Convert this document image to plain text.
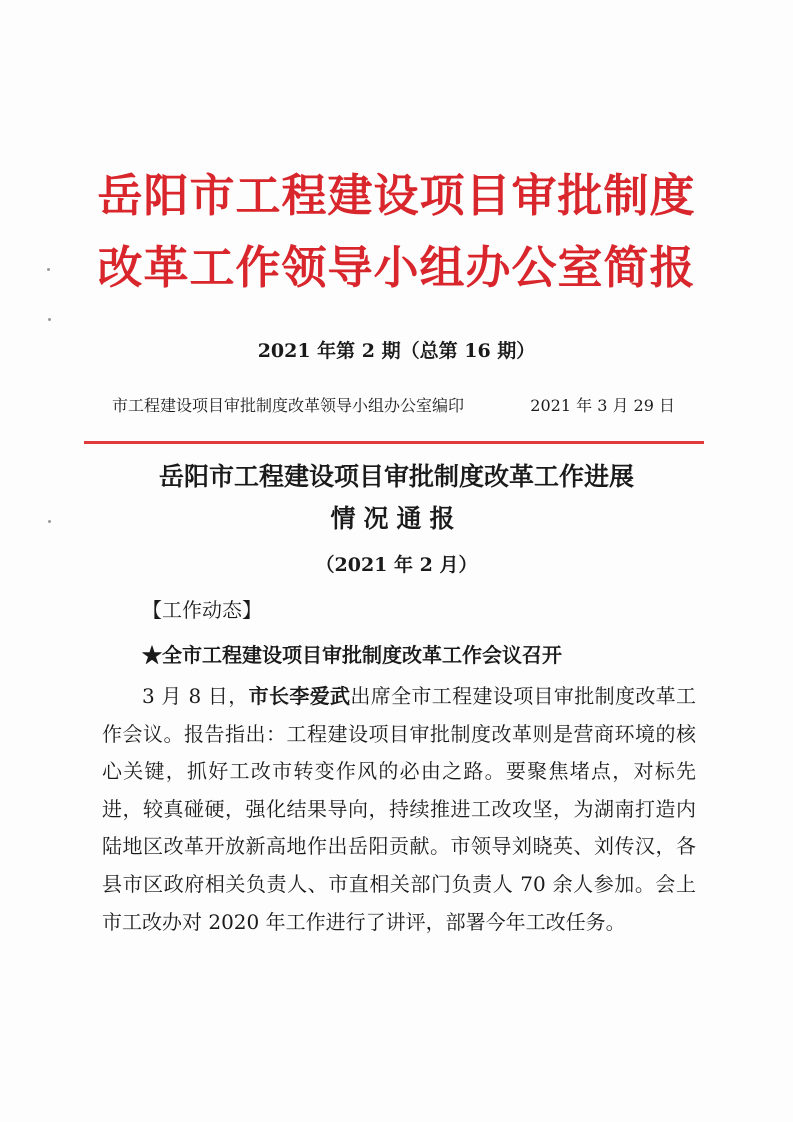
岳阳市工程建设项目审批制度
改革工作领导小组办公室简报
2021 年第 2 期（总第 16 期）
市工程建设项目审批制度改革领导小组办公室编印	2021 年 3 月 29 日
岳阳市工程建设项目审批制度改革工作进展
情况通报
（2021 年 2 月）
【工作动态】
★全市工程建设项目审批制度改革工作会议召开

3 月 8 日，市长李爱武出席全市工程建设项目审批制度改革工作会议。报告指出：工程建设项目审批制度改革则是营商环境的核心关键，抓好工改市转变作风的必由之路。要聚焦堵点，对标先进，较真碰硬，强化结果导向，持续推进工改攻坚，为湖南打造内陆地区改革开放新高地作出岳阳贡献。市领导刘晓英、刘传汉，各县市区政府相关负责人、市直相关部门负责人 70 余人参加。会上市工改办对 2020 年工作进行了讲评，部署今年工改任务。
